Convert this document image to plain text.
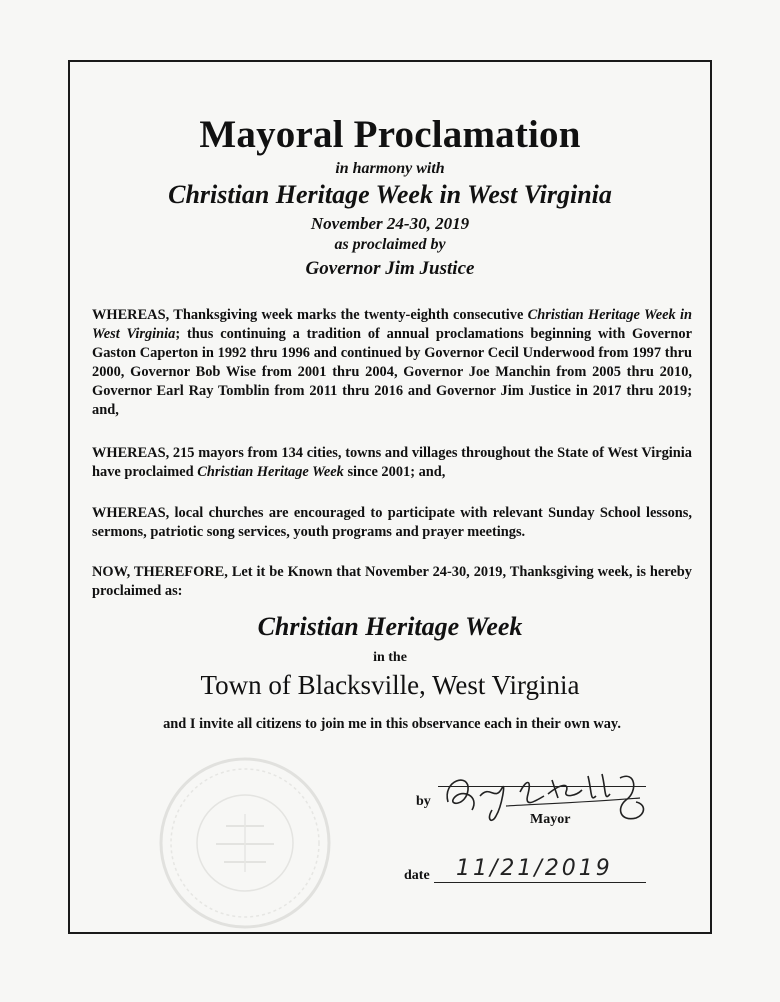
Mayoral Proclamation
in harmony with
Christian Heritage Week in West Virginia
November 24-30, 2019
as proclaimed by
Governor Jim Justice
WHEREAS, Thanksgiving week marks the twenty-eighth consecutive Christian Heritage Week in West Virginia; thus continuing a tradition of annual proclamations beginning with Governor Gaston Caperton in 1992 thru 1996 and continued by Governor Cecil Underwood from 1997 thru 2000, Governor Bob Wise from 2001 thru 2004, Governor Joe Manchin from 2005 thru 2010, Governor Earl Ray Tomblin from 2011 thru 2016 and Governor Jim Justice in 2017 thru 2019; and,
WHEREAS, 215 mayors from 134 cities, towns and villages throughout the State of West Virginia have proclaimed Christian Heritage Week since 2001; and,
WHEREAS, local churches are encouraged to participate with relevant Sunday School lessons, sermons, patriotic song services, youth programs and prayer meetings.
NOW, THEREFORE, Let it be Known that November 24-30, 2019, Thanksgiving week, is hereby proclaimed as:
Christian Heritage Week
in the
Town of Blacksville, West Virginia
and I invite all citizens to join me in this observance each in their own way.
by
Mayor
date 11/21/2019
